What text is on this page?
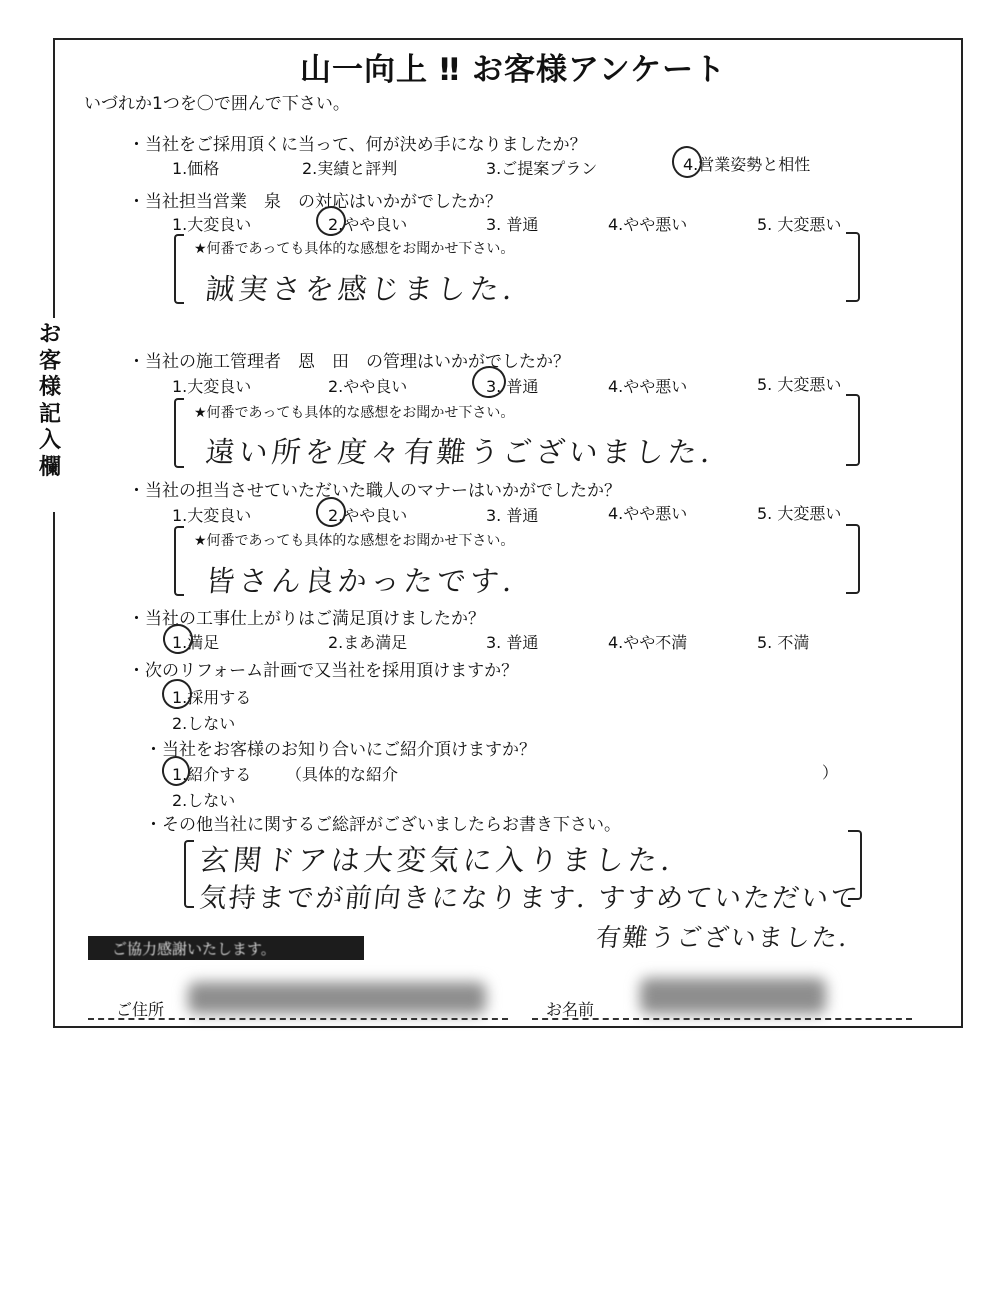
山一向上 ‼ お客様アンケート
いづれか1つを〇で囲んで下さい。
お客様記入欄
・当社をご採用頂くに当って、何が決め手になりましたか？
1.価格	2.実績と評判	3.ご提案プラン	4.営業姿勢と相性
・当社担当営業　泉　の対応はいかがでしたか？
1.大変良い	2.やや良い	3. 普通	4.やや悪い	5. 大変悪い
★何番であっても具体的な感想をお聞かせ下さい。
誠実さを感じました.
・当社の施工管理者　恩　田　の管理はいかがでしたか？
1.大変良い	2.やや良い	3. 普通	4.やや悪い	5. 大変悪い
★何番であっても具体的な感想をお聞かせ下さい。
遠い所を度々有難うございました.
・当社の担当させていただいた職人のマナーはいかがでしたか？
1.大変良い	2.やや良い	3. 普通	4.やや悪い	5. 大変悪い
★何番であっても具体的な感想をお聞かせ下さい。
皆さん良かったです.
・当社の工事仕上がりはご満足頂けましたか？
1.満足	2.まあ満足	3. 普通	4.やや不満	5. 不満
・次のリフォーム計画で又当社を採用頂けますか？
1.採用する
2.しない
・当社をお客様のお知り合いにご紹介頂けますか？
1.紹介する （具体的な紹介	）
2.しない
・その他当社に関するご総評がございましたらお書き下さい。
玄関ドアは大変気に入りました.
気持までが前向きになります. すすめていただいて
有難うございました.
ご協力感謝いたします。
ご住所	お名前
